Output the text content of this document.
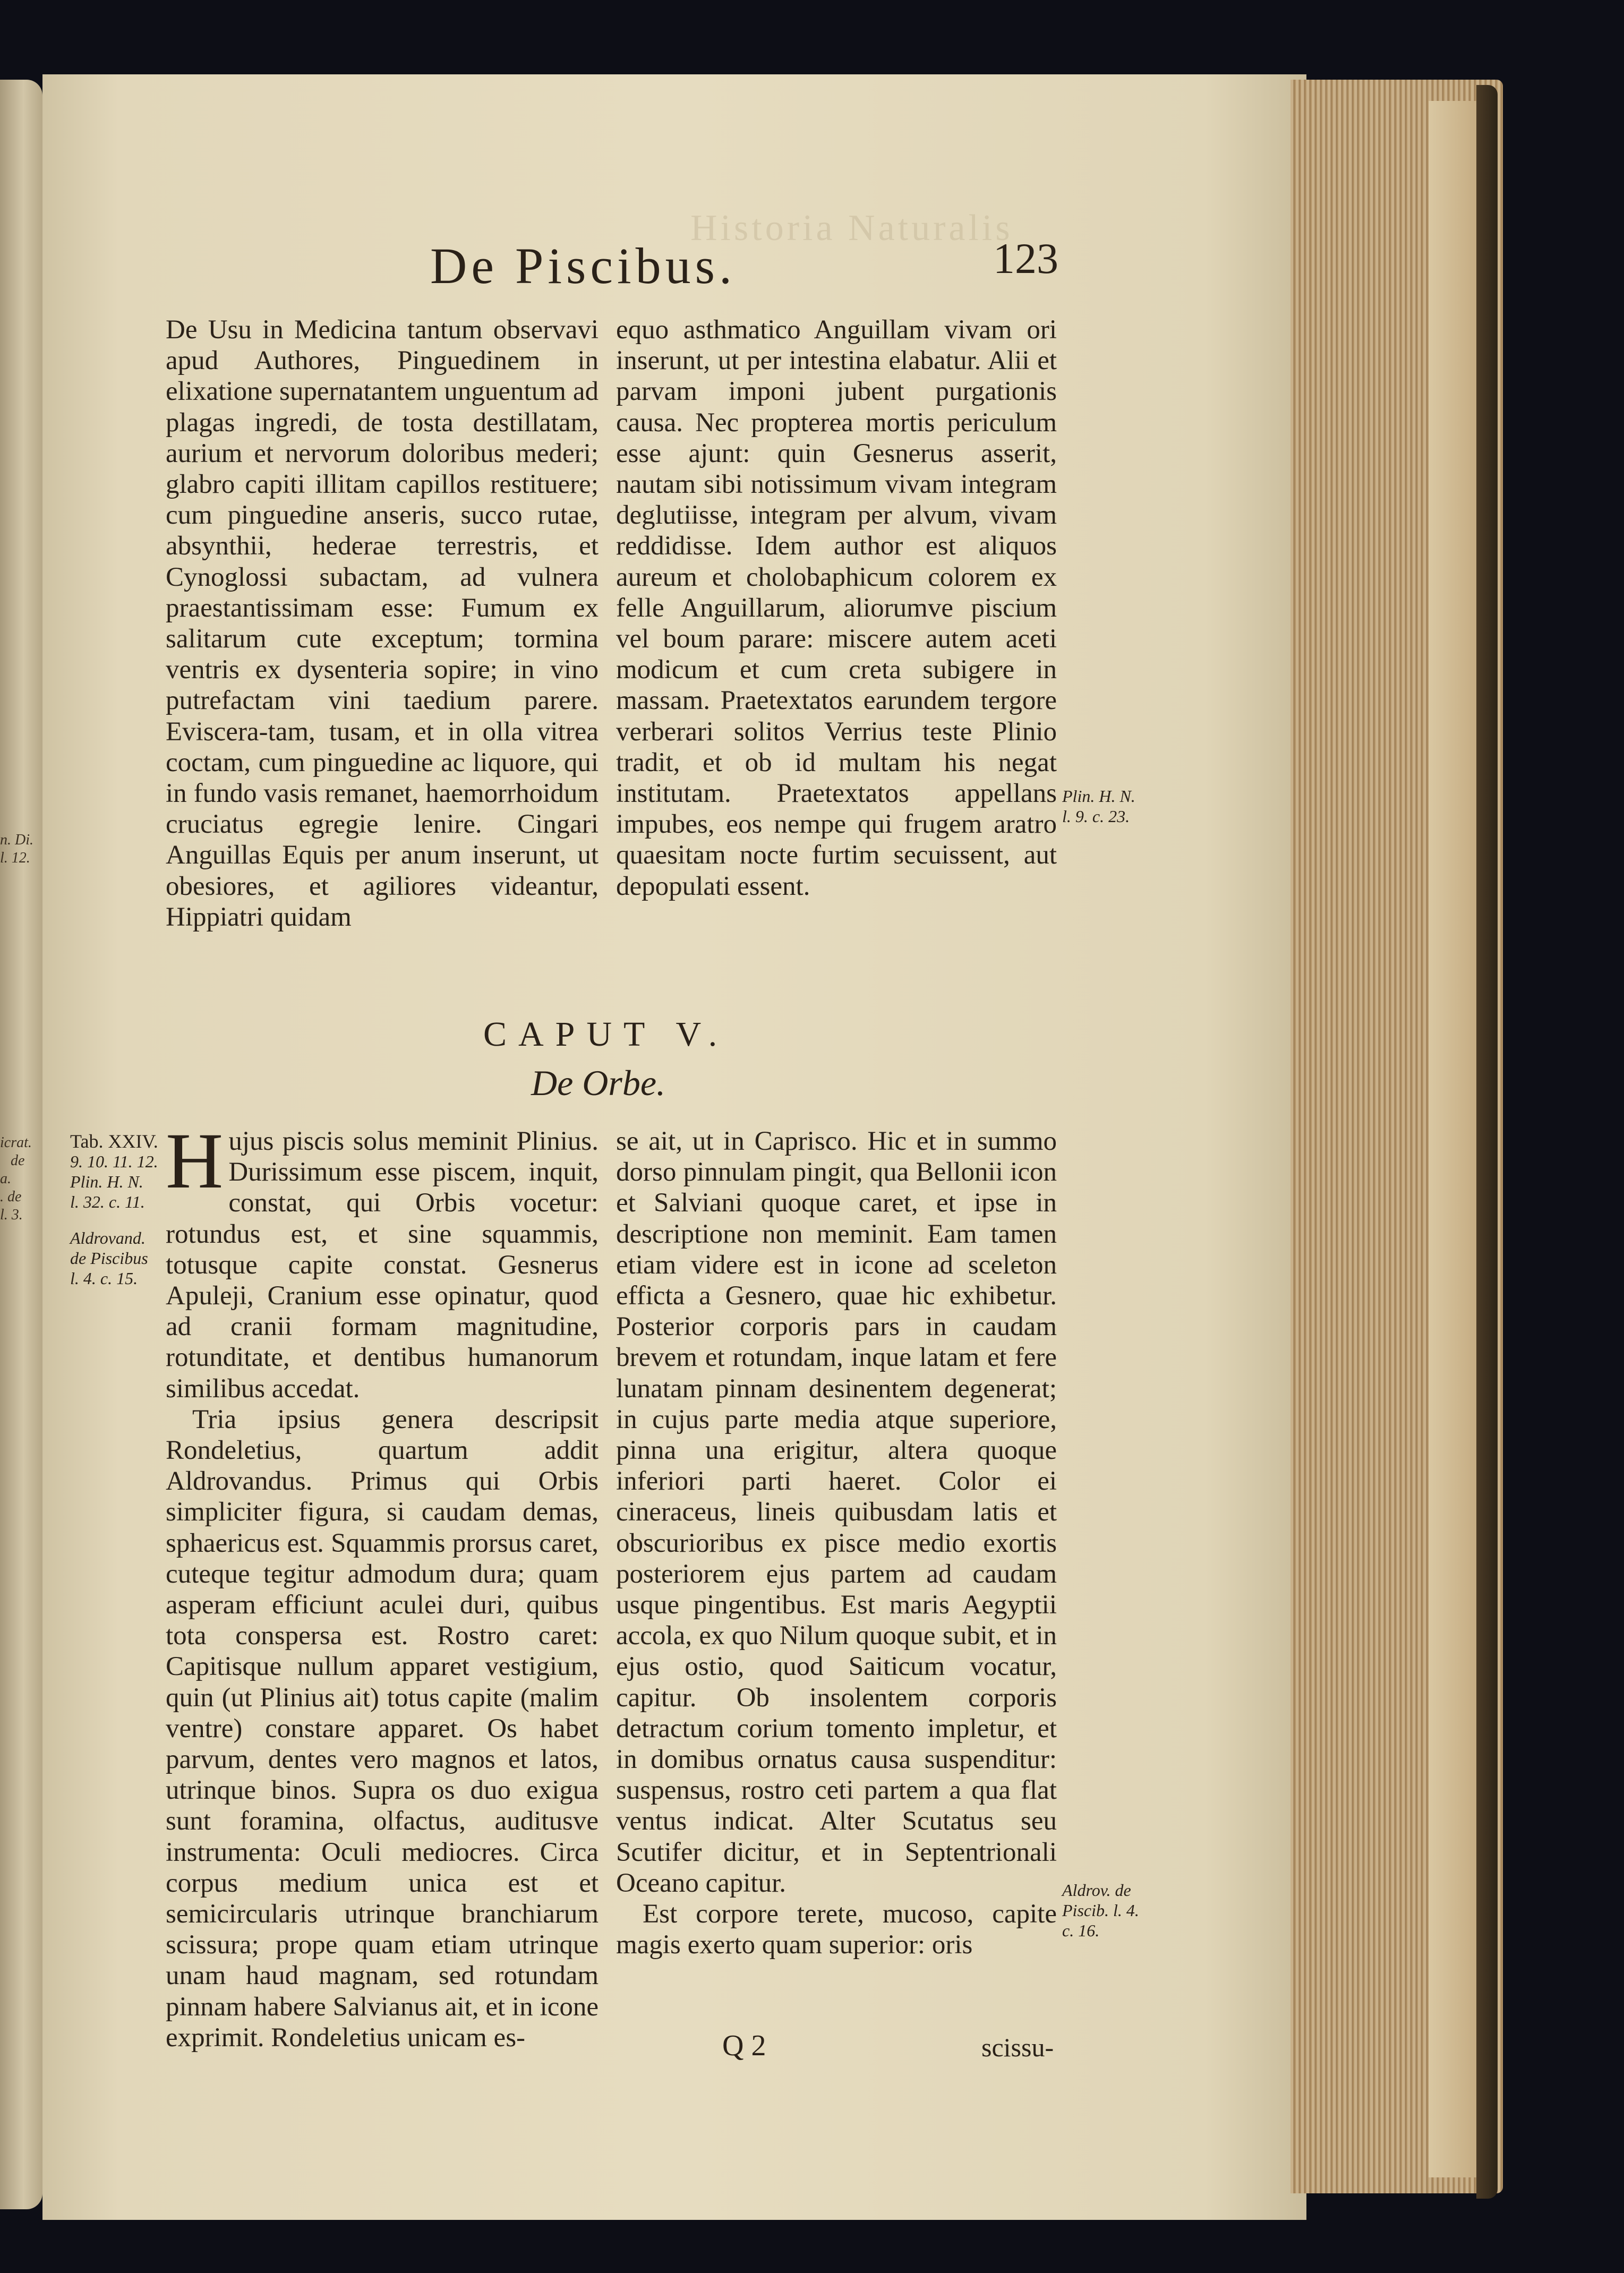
n. Di.
l. 12.
icrat.
de
a.
. de
l. 3.
Historia Naturalis
De Piscibus.	123

De Usu in Medicina tantum observavi apud Authores, Pinguedinem in elixatione supernatantem unguentum ad plagas ingredi, de tosta destillatam, aurium et nervorum doloribus mederi; glabro capiti illitam capillos restituere; cum pinguedine anseris, succo rutae, absynthii, hederae terrestris, et Cynoglossi subactam, ad vulnera praestantissimam esse: Fumum ex salitarum cute exceptum; tormina ventris ex dysenteria sopire; in vino putrefactam vini taedium parere. Eviscera-tam, tusam, et in olla vitrea coctam, cum pinguedine ac liquore, qui in fundo vasis remanet, haemorrhoidum cruciatus egregie lenire. Cingari Anguillas Equis per anum inserunt, ut obesiores, et agiliores videantur, Hippiatri quidam

equo asthmatico Anguillam vivam ori inserunt, ut per intestina elabatur. Alii et parvam imponi jubent purgationis causa. Nec propterea mortis periculum esse ajunt: quin Gesnerus asserit, nautam sibi notissimum vivam integram deglutiisse, integram per alvum, vivam reddidisse. Idem author est aliquos aureum et cholobaphicum colorem ex felle Anguillarum, aliorumve piscium vel boum parare: miscere autem aceti modicum et cum creta subigere in massam. Praetextatos earundem tergore verberari solitos Verrius teste Plinio tradit, et ob id multam his negat institutam. Praetextatos appellans impubes, eos nempe qui frugem aratro quaesitam nocte furtim secuissent, aut depopulati essent.

Plin. H. N.
l. 9. c. 23.
CAPUT V.
De Orbe.
Tab. XXIV.
9. 10. 11. 12.
Plin. H. N.
l. 32. c. 11.
Aldrovand.
de Piscibus
l. 4. c. 15.

Hujus piscis solus meminit Plinius. Durissimum esse piscem, inquit, constat, qui Orbis vocetur: rotundus est, et sine squammis, totusque capite constat. Gesnerus Apuleji, Cranium esse opinatur, quod ad cranii formam magnitudine, rotunditate, et dentibus humanorum similibus accedat.

Tria ipsius genera descripsit Rondeletius, quartum addit Aldrovandus. Primus qui Orbis simpliciter figura, si caudam demas, sphaericus est. Squammis prorsus caret, cuteque tegitur admodum dura; quam asperam efficiunt aculei duri, quibus tota conspersa est. Rostro caret: Capitisque nullum apparet vestigium, quin (ut Plinius ait) totus capite (malim ventre) constare apparet. Os habet parvum, dentes vero magnos et latos, utrinque binos. Supra os duo exigua sunt foramina, olfactus, auditusve instrumenta: Oculi mediocres. Circa corpus medium unica est et semicircularis utrinque branchiarum scissura; prope quam etiam utrinque unam haud magnam, sed rotundam pinnam habere Salvianus ait, et in icone exprimit. Rondeletius unicam es-

se ait, ut in Caprisco. Hic et in summo dorso pinnulam pingit, qua Bellonii icon et Salviani quoque caret, et ipse in descriptione non meminit. Eam tamen etiam videre est in icone ad sceleton effictа a Gesnero, quae hic exhibetur. Posterior corporis pars in caudam brevem et rotundam, inque latam et fere lunatam pinnam desinentem degenerat; in cujus parte media atque superiore, pinna una erigitur, altera quoque inferiori parti haeret. Color ei cineraceus, lineis quibusdam latis et obscurioribus ex pisce medio exortis posteriorem ejus partem ad caudam usque pingentibus. Est maris Aegyptii accola, ex quo Nilum quoque subit, et in ejus ostio, quod Saiticum vocatur, capitur. Ob insolentem corporis detractum corium tomento impletur, et in domibus ornatus causa suspenditur: suspensus, rostro ceti partem a qua flat ventus indicat. Alter Scutatus seu Scutifer dicitur, et in Septentrionali Oceano capitur.

Est corpore terete, mucoso, capite magis exerto quam superior: oris

Aldrov. de
Piscib. l. 4.
c. 16.
Q 2	scissu-
